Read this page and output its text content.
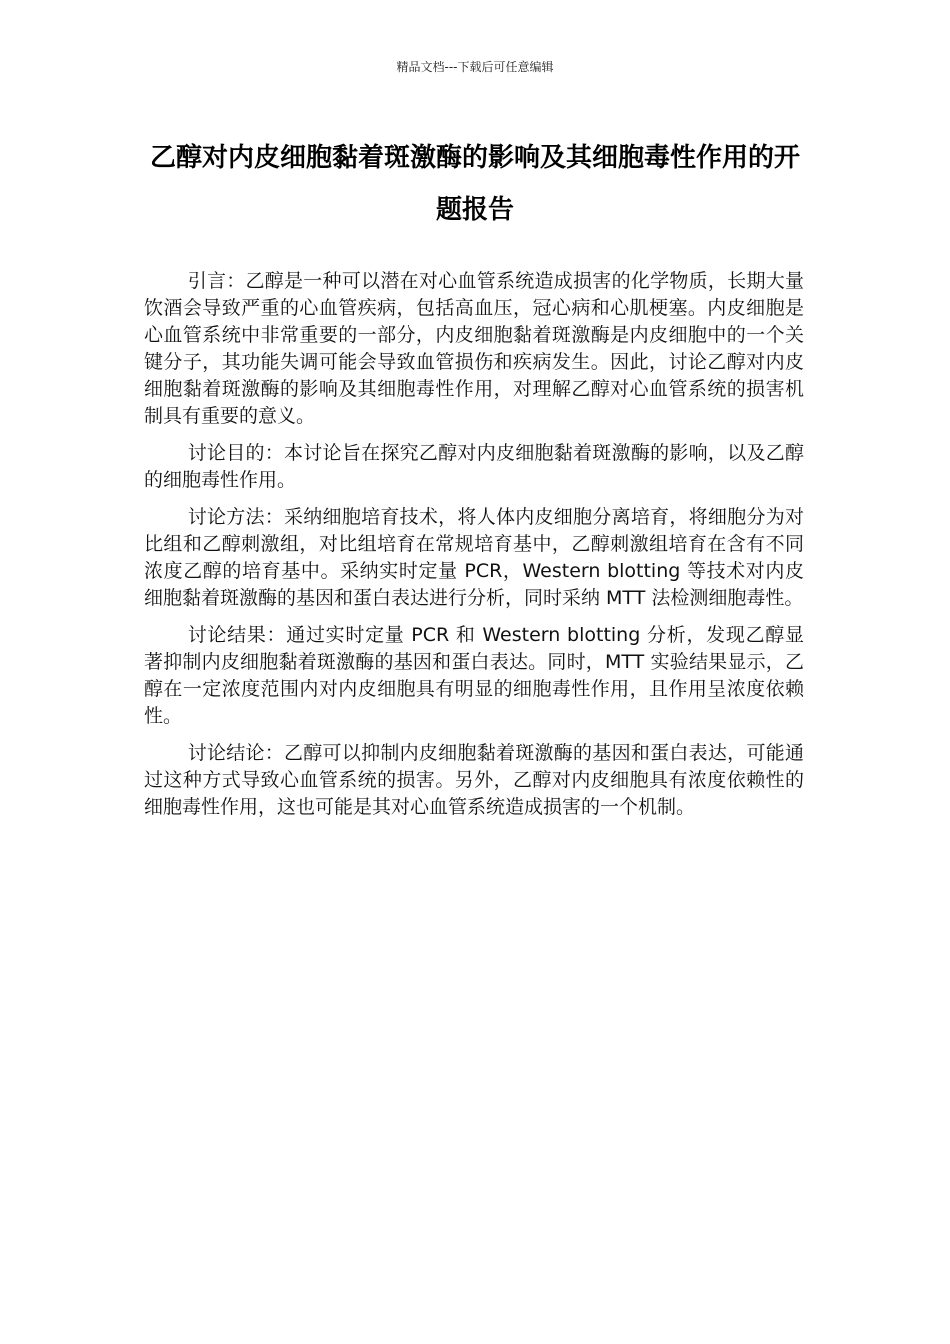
精品文档---下载后可任意编辑
乙醇对内皮细胞黏着斑激酶的影响及其细胞毒性作用的开题报告

引言：乙醇是一种可以潜在对心血管系统造成损害的化学物质，长期大量饮酒会导致严重的心血管疾病，包括高血压，冠心病和心肌梗塞。内皮细胞是心血管系统中非常重要的一部分，内皮细胞黏着斑激酶是内皮细胞中的一个关键分子，其功能失调可能会导致血管损伤和疾病发生。因此，讨论乙醇对内皮细胞黏着斑激酶的影响及其细胞毒性作用，对理解乙醇对心血管系统的损害机制具有重要的意义。

讨论目的：本讨论旨在探究乙醇对内皮细胞黏着斑激酶的影响，以及乙醇的细胞毒性作用。

讨论方法：采纳细胞培育技术，将人体内皮细胞分离培育，将细胞分为对比组和乙醇刺激组，对比组培育在常规培育基中，乙醇刺激组培育在含有不同浓度乙醇的培育基中。采纳实时定量 PCR，Western blotting 等技术对内皮细胞黏着斑激酶的基因和蛋白表达进行分析，同时采纳 MTT 法检测细胞毒性。

讨论结果：通过实时定量 PCR 和 Western blotting 分析，发现乙醇显著抑制内皮细胞黏着斑激酶的基因和蛋白表达。同时，MTT 实验结果显示，乙醇在一定浓度范围内对内皮细胞具有明显的细胞毒性作用，且作用呈浓度依赖性。

讨论结论：乙醇可以抑制内皮细胞黏着斑激酶的基因和蛋白表达，可能通过这种方式导致心血管系统的损害。另外，乙醇对内皮细胞具有浓度依赖性的细胞毒性作用，这也可能是其对心血管系统造成损害的一个机制。
